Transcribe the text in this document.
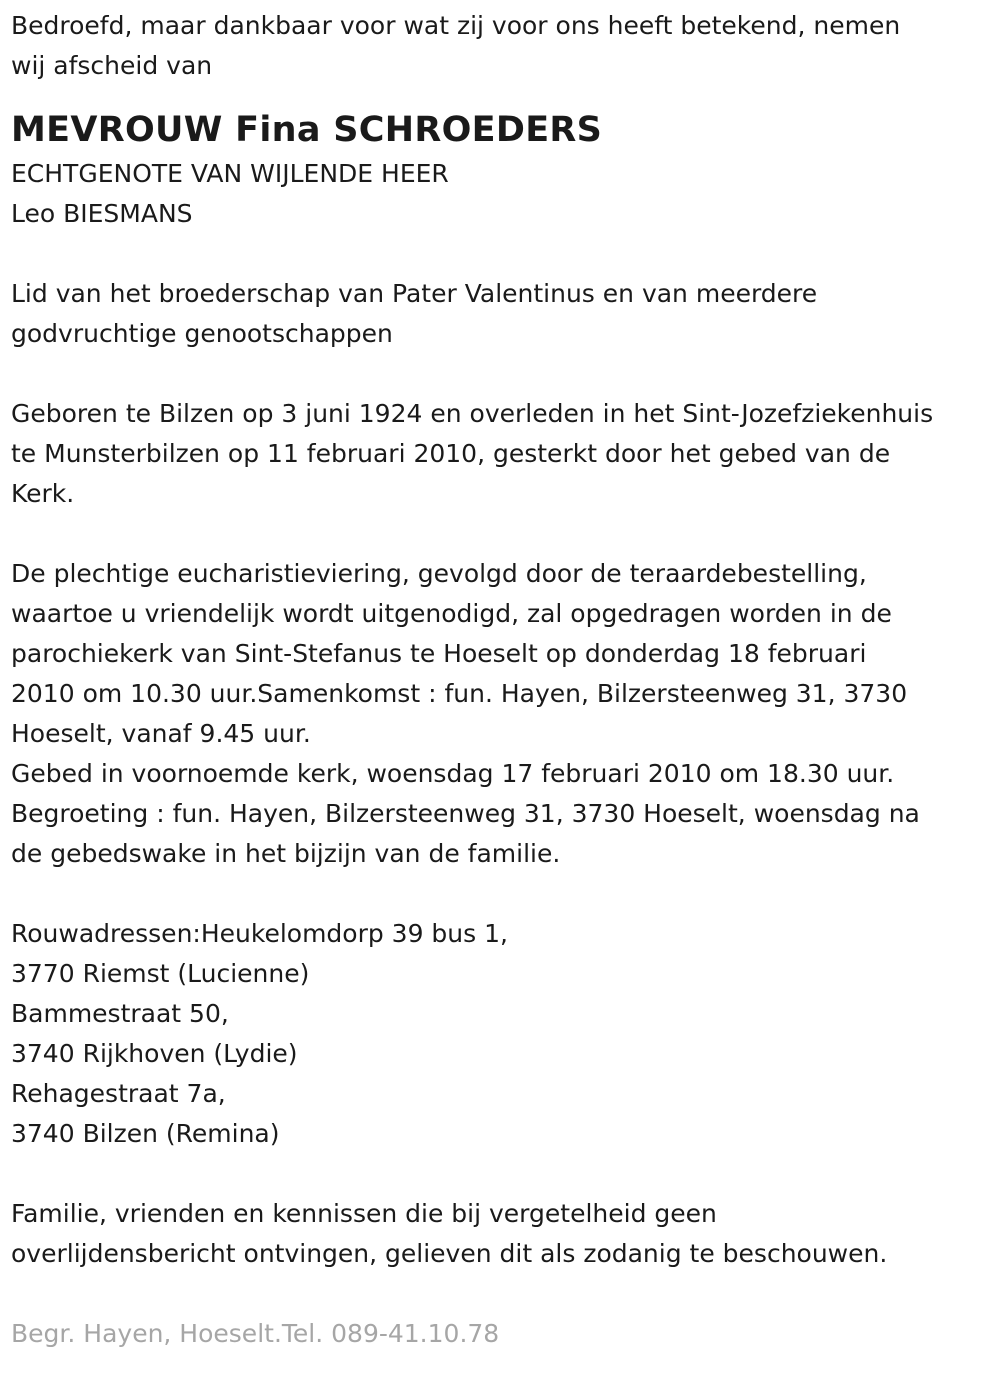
Bedroefd, maar dankbaar voor wat zij voor ons heeft betekend, nemen

wij afscheid van

MEVROUW Fina SCHROEDERS

ECHTGENOTE VAN WIJLENDE HEER

Leo BIESMANS

Lid van het broederschap van Pater Valentinus en van meerdere

godvruchtige genootschappen

Geboren te Bilzen op 3 juni 1924 en overleden in het Sint-Jozefziekenhuis

te Munsterbilzen op 11 februari 2010, gesterkt door het gebed van de

Kerk.

De plechtige eucharistieviering, gevolgd door de teraardebestelling,

waartoe u vriendelijk wordt uitgenodigd, zal opgedragen worden in de

parochiekerk van Sint-Stefanus te Hoeselt op donderdag 18 februari

2010 om 10.30 uur.Samenkomst : fun. Hayen, Bilzersteenweg 31, 3730

Hoeselt, vanaf 9.45 uur.

Gebed in voornoemde kerk, woensdag 17 februari 2010 om 18.30 uur.

Begroeting : fun. Hayen, Bilzersteenweg 31, 3730 Hoeselt, woensdag na

de gebedswake in het bijzijn van de familie.

Rouwadressen:Heukelomdorp 39 bus 1,

3770 Riemst (Lucienne)

Bammestraat 50,

3740 Rijkhoven (Lydie)

Rehagestraat 7a,

3740 Bilzen (Remina)

Familie, vrienden en kennissen die bij vergetelheid geen

overlijdensbericht ontvingen, gelieven dit als zodanig te beschouwen.

Begr. Hayen, Hoeselt.Tel. 089-41.10.78
